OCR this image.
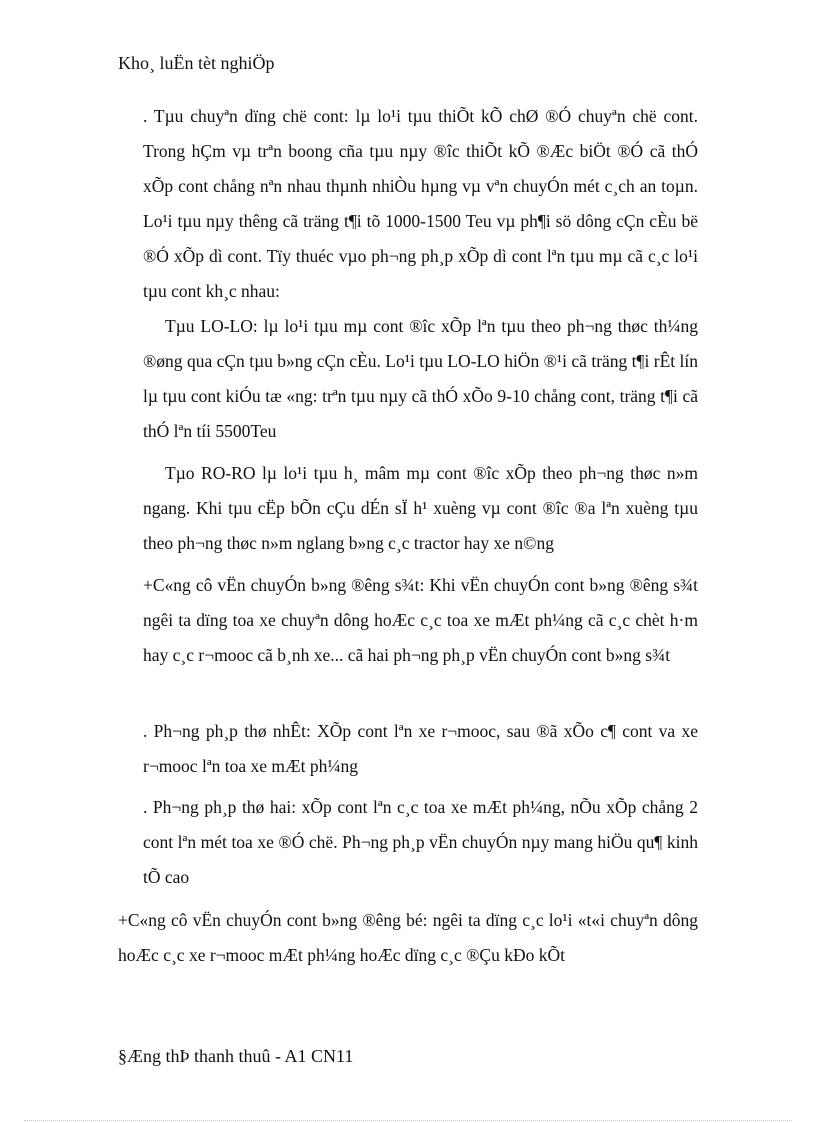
Kho¸ luËn tèt nghiÖp

. Tµu chuyªn dïng chë cont: lµ lo¹i tµu thiÕt kÕ chØ ®Ó chuyªn chë cont. Trong hÇm vµ trªn boong cña tµu nµy ®îc thiÕt kÕ ®Æc biÖt ®Ó cã thÓ xÕp cont chång nªn nhau thµnh nhiÒu hµng vµ vªn chuyÓn mét c¸ch an toµn. Lo¹i tµu nµy thêng cã träng t¶i tõ 1000-1500 Teu vµ ph¶i sö dông cÇn cÈu bë ®Ó xÕp dì cont. Tïy thuéc vµo ph¬ng ph¸p xÕp dì cont lªn tµu mµ cã c¸c lo¹i tµu cont kh¸c nhau:

Tµu LO-LO: lµ lo¹i tµu mµ cont ®îc xÕp lªn tµu theo ph¬ng thøc th¼ng ®øng qua cÇn tµu b»ng cÇn cÈu. Lo¹i tµu LO-LO hiÖn ®¹i cã träng t¶i rÊt lín lµ tµu cont kiÓu tæ «ng: trªn tµu nµy cã thÓ xÕo 9-10 chång cont, träng t¶i cã thÓ lªn tíi 5500Teu

Tµo RO-RO lµ lo¹i tµu h¸ mâm mµ cont ®îc xÕp theo ph¬ng thøc n»m ngang. Khi tµu cËp bÕn cÇu dÉn sÏ h¹ xuèng vµ cont ®îc ®a lªn xuèng tµu theo ph¬ng thøc n»m nglang b»ng c¸c tractor hay xe n©ng

+C«ng cô vËn chuyÓn b»ng ®êng s¾t: Khi vËn chuyÓn cont b»ng ®êng s¾t ngêi ta dïng toa xe chuyªn dông hoÆc c¸c toa xe mÆt ph¼ng cã c¸c chèt h·m hay c¸c r¬mooc cã b¸nh xe... cã hai ph¬ng ph¸p vËn chuyÓn cont b»ng s¾t

. Ph¬ng ph¸p thø nhÊt: XÕp cont lªn xe r¬mooc, sau ®ã xÕo c¶ cont va xe r¬mooc lªn toa xe mÆt ph¼ng

. Ph¬ng ph¸p thø hai: xÕp cont lªn c¸c toa xe mÆt ph¼ng, nÕu xÕp chång 2 cont lªn mét toa xe ®Ó chë. Ph¬ng ph¸p vËn chuyÓn nµy mang hiÖu qu¶ kinh tÕ cao

+C«ng cô vËn chuyÓn cont b»ng ®êng bé: ngêi ta dïng c¸c lo¹i «t«i chuyªn dông hoÆc c¸c xe r¬mooc mÆt ph¼ng hoÆc dïng c¸c ®Çu kÐo kÕt

§Æng thÞ thanh thuû - A1 CN11
